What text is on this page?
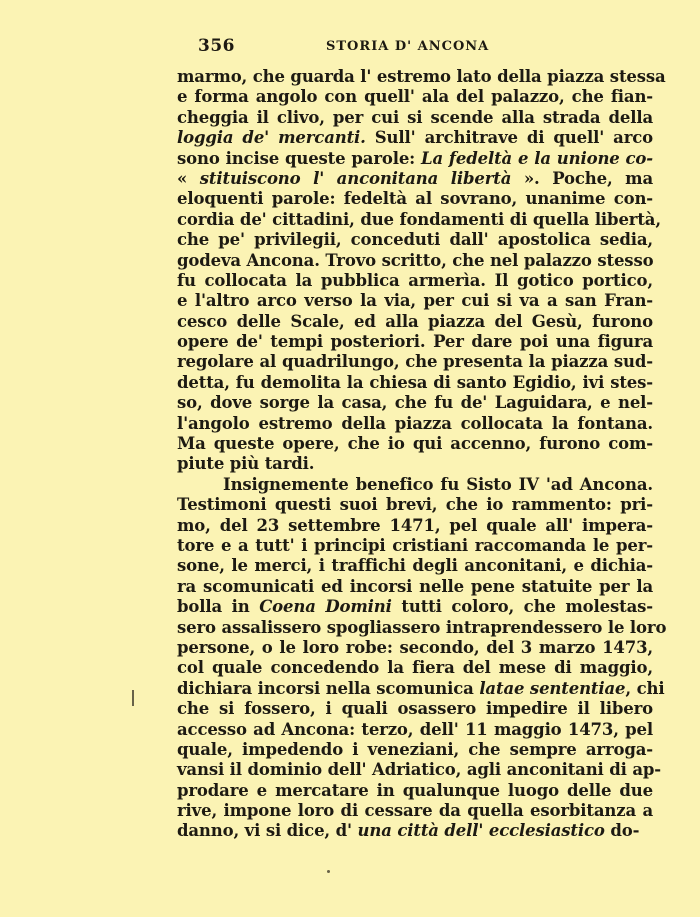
356	STORIA D' ANCONA
marmo, che guarda l' estremo lato della piazza stessa
e forma angolo con quell' ala del palazzo, che fian-
cheggia il clivo, per cui si scende alla strada della
loggia de' mercanti. Sull' architrave di quell' arco
sono incise queste parole: La fedeltà e la unione co-
« stituiscono l' anconitana libertà ». Poche, ma
eloquenti parole: fedeltà al sovrano, unanime con-
cordia de' cittadini, due fondamenti di quella libertà,
che pe' privilegii, conceduti dall' apostolica sedia,
godeva Ancona. Trovo scritto, che nel palazzo stesso
fu collocata la pubblica armerìa. Il gotico portico,
e l'altro arco verso la via, per cui si va a san Fran-
cesco delle Scale, ed alla piazza del Gesù, furono
opere de' tempi posteriori. Per dare poi una figura
regolare al quadrilungo, che presenta la piazza sud-
detta, fu demolita la chiesa di santo Egidio, ivi stes-
so, dove sorge la casa, che fu de' Laguidara, e nel-
l'angolo estremo della piazza collocata la fontana.
Ma queste opere, che io qui accenno, furono com-
piute più tardi.
Insignemente benefico fu Sisto IV 'ad Ancona.
Testimoni questi suoi brevi, che io rammento: pri-
mo, del 23 settembre 1471, pel quale all' impera-
tore e a tutt' i principi cristiani raccomanda le per-
sone, le merci, i traffichi degli anconitani, e dichia-
ra scomunicati ed incorsi nelle pene statuite per la
bolla in Coena Domini tutti coloro, che molestas-
sero assalissero spogliassero intraprendessero le loro
persone, o le loro robe: secondo, del 3 marzo 1473,
col quale concedendo la fiera del mese di maggio,
dichiara incorsi nella scomunica latae sententiae, chi
che si fossero, i quali osassero impedire il libero
accesso ad Ancona: terzo, dell' 11 maggio 1473, pel
quale, impedendo i veneziani, che sempre arroga-
vansi il dominio dell' Adriatico, agli anconitani di ap-
prodare e mercatare in qualunque luogo delle due
rive, impone loro di cessare da quella esorbitanza a
danno, vi si dice, d' una città dell' ecclesiastico do-
